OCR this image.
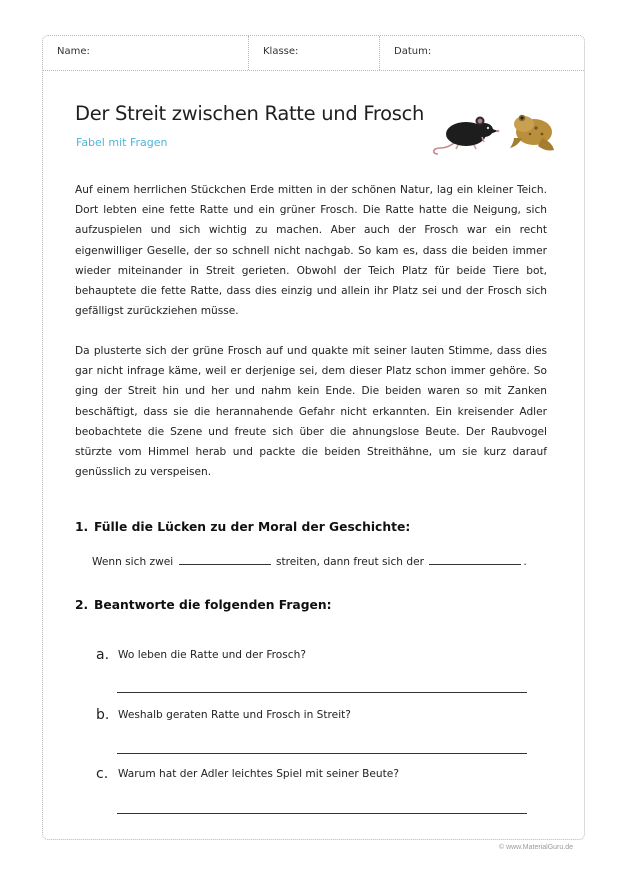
Name:	Klasse:	Datum:
Der Streit zwischen Ratte und Frosch
Fabel mit Fragen

Auf einem herrlichen Stückchen Erde mitten in der schönen Natur, lag ein kleiner Teich. Dort lebten eine fette Ratte und ein grüner Frosch. Die Ratte hatte die Neigung, sich aufzuspielen und sich wichtig zu machen. Aber auch der Frosch war ein recht eigenwilliger Geselle, der so schnell nicht nachgab. So kam es, dass die beiden immer wieder miteinander in Streit gerieten. Obwohl der Teich Platz für beide Tiere bot, behauptete die fette Ratte, dass dies einzig und allein ihr Platz sei und der Frosch sich gefälligst zurückziehen müsse.

Da plusterte sich der grüne Frosch auf und quakte mit seiner lauten Stimme, dass dies gar nicht infrage käme, weil er derjenige sei, dem dieser Platz schon immer gehöre. So ging der Streit hin und her und nahm kein Ende. Die beiden waren so mit Zanken beschäftigt, dass sie die herannahende Gefahr nicht erkannten. Ein kreisender Adler beobachtete die Szene und freute sich über die ahnungslose Beute. Der Raubvogel stürzte vom Himmel herab und packte die beiden Streithähne, um sie kurz darauf genüsslich zu verspeisen.

1. Fülle die Lücken zu der Moral der Geschichte:
Wenn sich zwei	streiten, dann freut sich der	.
2. Beantworte die folgenden Fragen:
a. Wo leben die Ratte und der Frosch?
b. Weshalb geraten Ratte und Frosch in Streit?
c. Warum hat der Adler leichtes Spiel mit seiner Beute?
© www.MaterialGuru.de
